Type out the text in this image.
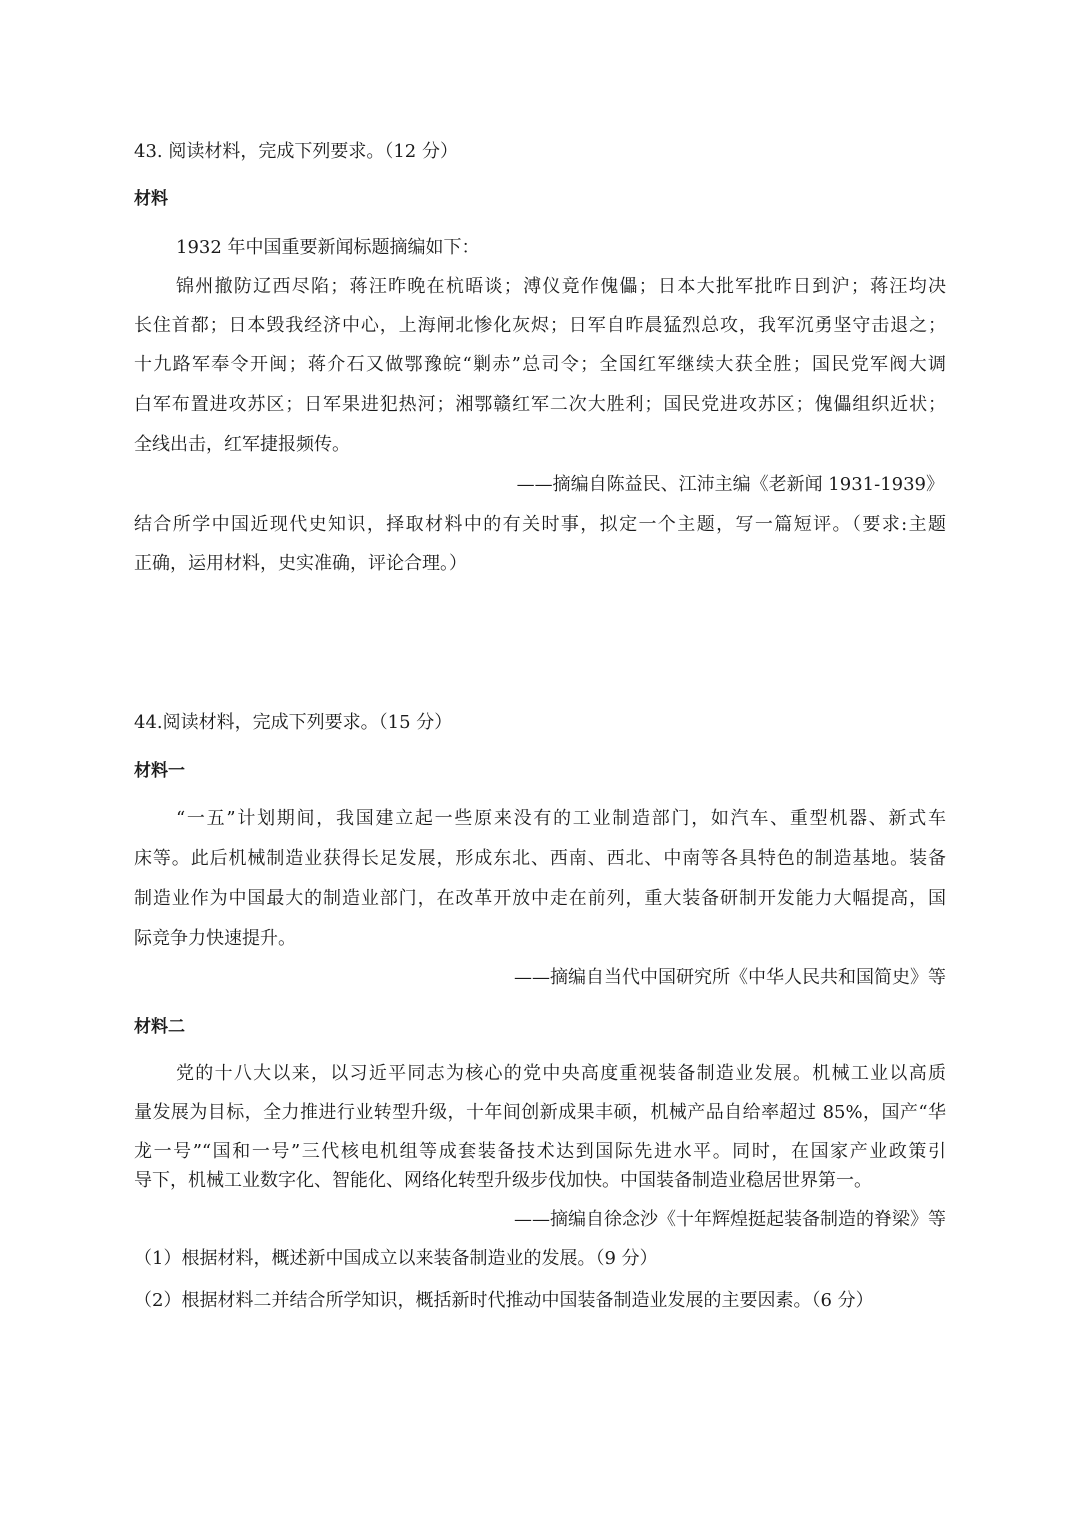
43. 阅读材料，完成下列要求。（12 分）
材料
1932 年中国重要新闻标题摘编如下：
锦州撤防辽西尽陷；蒋汪昨晚在杭晤谈；溥仪竟作傀儡；日本大批军批昨日到沪；蒋汪均决
长住首都；日本毁我经济中心，上海闸北惨化灰烬；日军自昨晨猛烈总攻，我军沉勇坚守击退之；
十九路军奉令开闽；蒋介石又做鄂豫皖“剿赤”总司令；全国红军继续大获全胜；国民党军阀大调
白军布置进攻苏区；日军果进犯热河；湘鄂赣红军二次大胜利；国民党进攻苏区；傀儡组织近状；
全线出击，红军捷报频传。
——摘编自陈益民、江沛主编《老新闻 1931-1939》
结合所学中国近现代史知识，择取材料中的有关时事，拟定一个主题，写一篇短评。（要求:主题
正确，运用材料，史实准确，评论合理。）
44.阅读材料，完成下列要求。（15 分）
材料一
“一五”计划期间，我国建立起一些原来没有的工业制造部门，如汽车、重型机器、新式车
床等。此后机械制造业获得长足发展，形成东北、西南、西北、中南等各具特色的制造基地。装备
制造业作为中国最大的制造业部门，在改革开放中走在前列，重大装备研制开发能力大幅提高，国
际竞争力快速提升。
——摘编自当代中国研究所《中华人民共和国简史》等
材料二
党的十八大以来，以习近平同志为核心的党中央高度重视装备制造业发展。机械工业以高质
量发展为目标，全力推进行业转型升级，十年间创新成果丰硕，机械产品自给率超过 85%，国产“华
龙一号”“国和一号”三代核电机组等成套装备技术达到国际先进水平。同时，在国家产业政策引
导下，机械工业数字化、智能化、网络化转型升级步伐加快。中国装备制造业稳居世界第一。
——摘编自徐念沙《十年辉煌挺起装备制造的脊梁》等
（1）根据材料，概述新中国成立以来装备制造业的发展。（9 分）
（2）根据材料二并结合所学知识，概括新时代推动中国装备制造业发展的主要因素。（6 分）
